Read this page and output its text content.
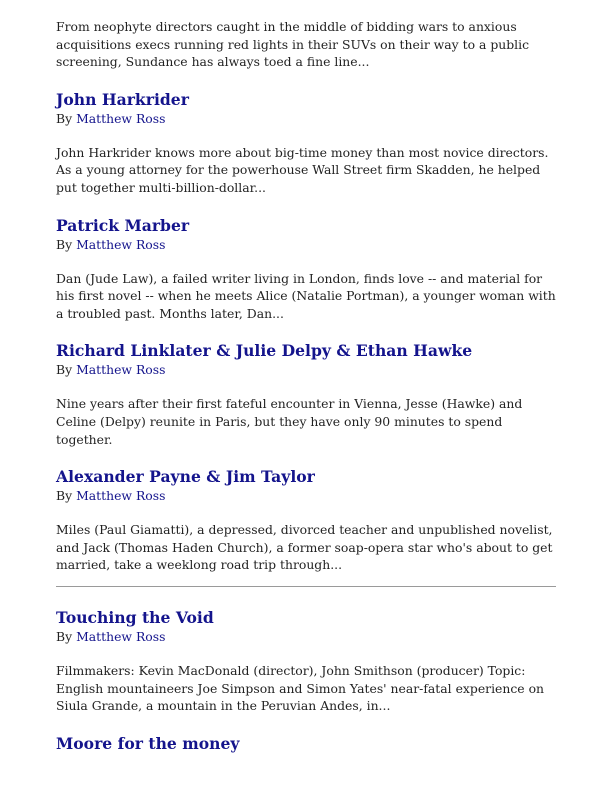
From neophyte directors caught in the middle of bidding wars to anxious acquisitions execs running red lights in their SUVs on their way to a public screening, Sundance has always toed a fine line...

John Harkrider

By Matthew Ross

John Harkrider knows more about big-time money than most novice directors. As a young attorney for the powerhouse Wall Street firm Skadden, he helped put together multi-billion-dollar...

Patrick Marber

By Matthew Ross

Dan (Jude Law), a failed writer living in London, finds love -- and material for his first novel -- when he meets Alice (Natalie Portman), a younger woman with a troubled past. Months later, Dan...

Richard Linklater & Julie Delpy & Ethan Hawke

By Matthew Ross

Nine years after their first fateful encounter in Vienna, Jesse (Hawke) and Celine (Delpy) reunite in Paris, but they have only 90 minutes to spend together.

Alexander Payne & Jim Taylor

By Matthew Ross

Miles (Paul Giamatti), a depressed, divorced teacher and unpublished novelist, and Jack (Thomas Haden Church), a former soap-opera star who's about to get married, take a weeklong road trip through...

Touching the Void

By Matthew Ross

Filmmakers: Kevin MacDonald (director), John Smithson (producer) Topic: English mountaineers Joe Simpson and Simon Yates' near-fatal experience on Siula Grande, a mountain in the Peruvian Andes, in...

Moore for the money
